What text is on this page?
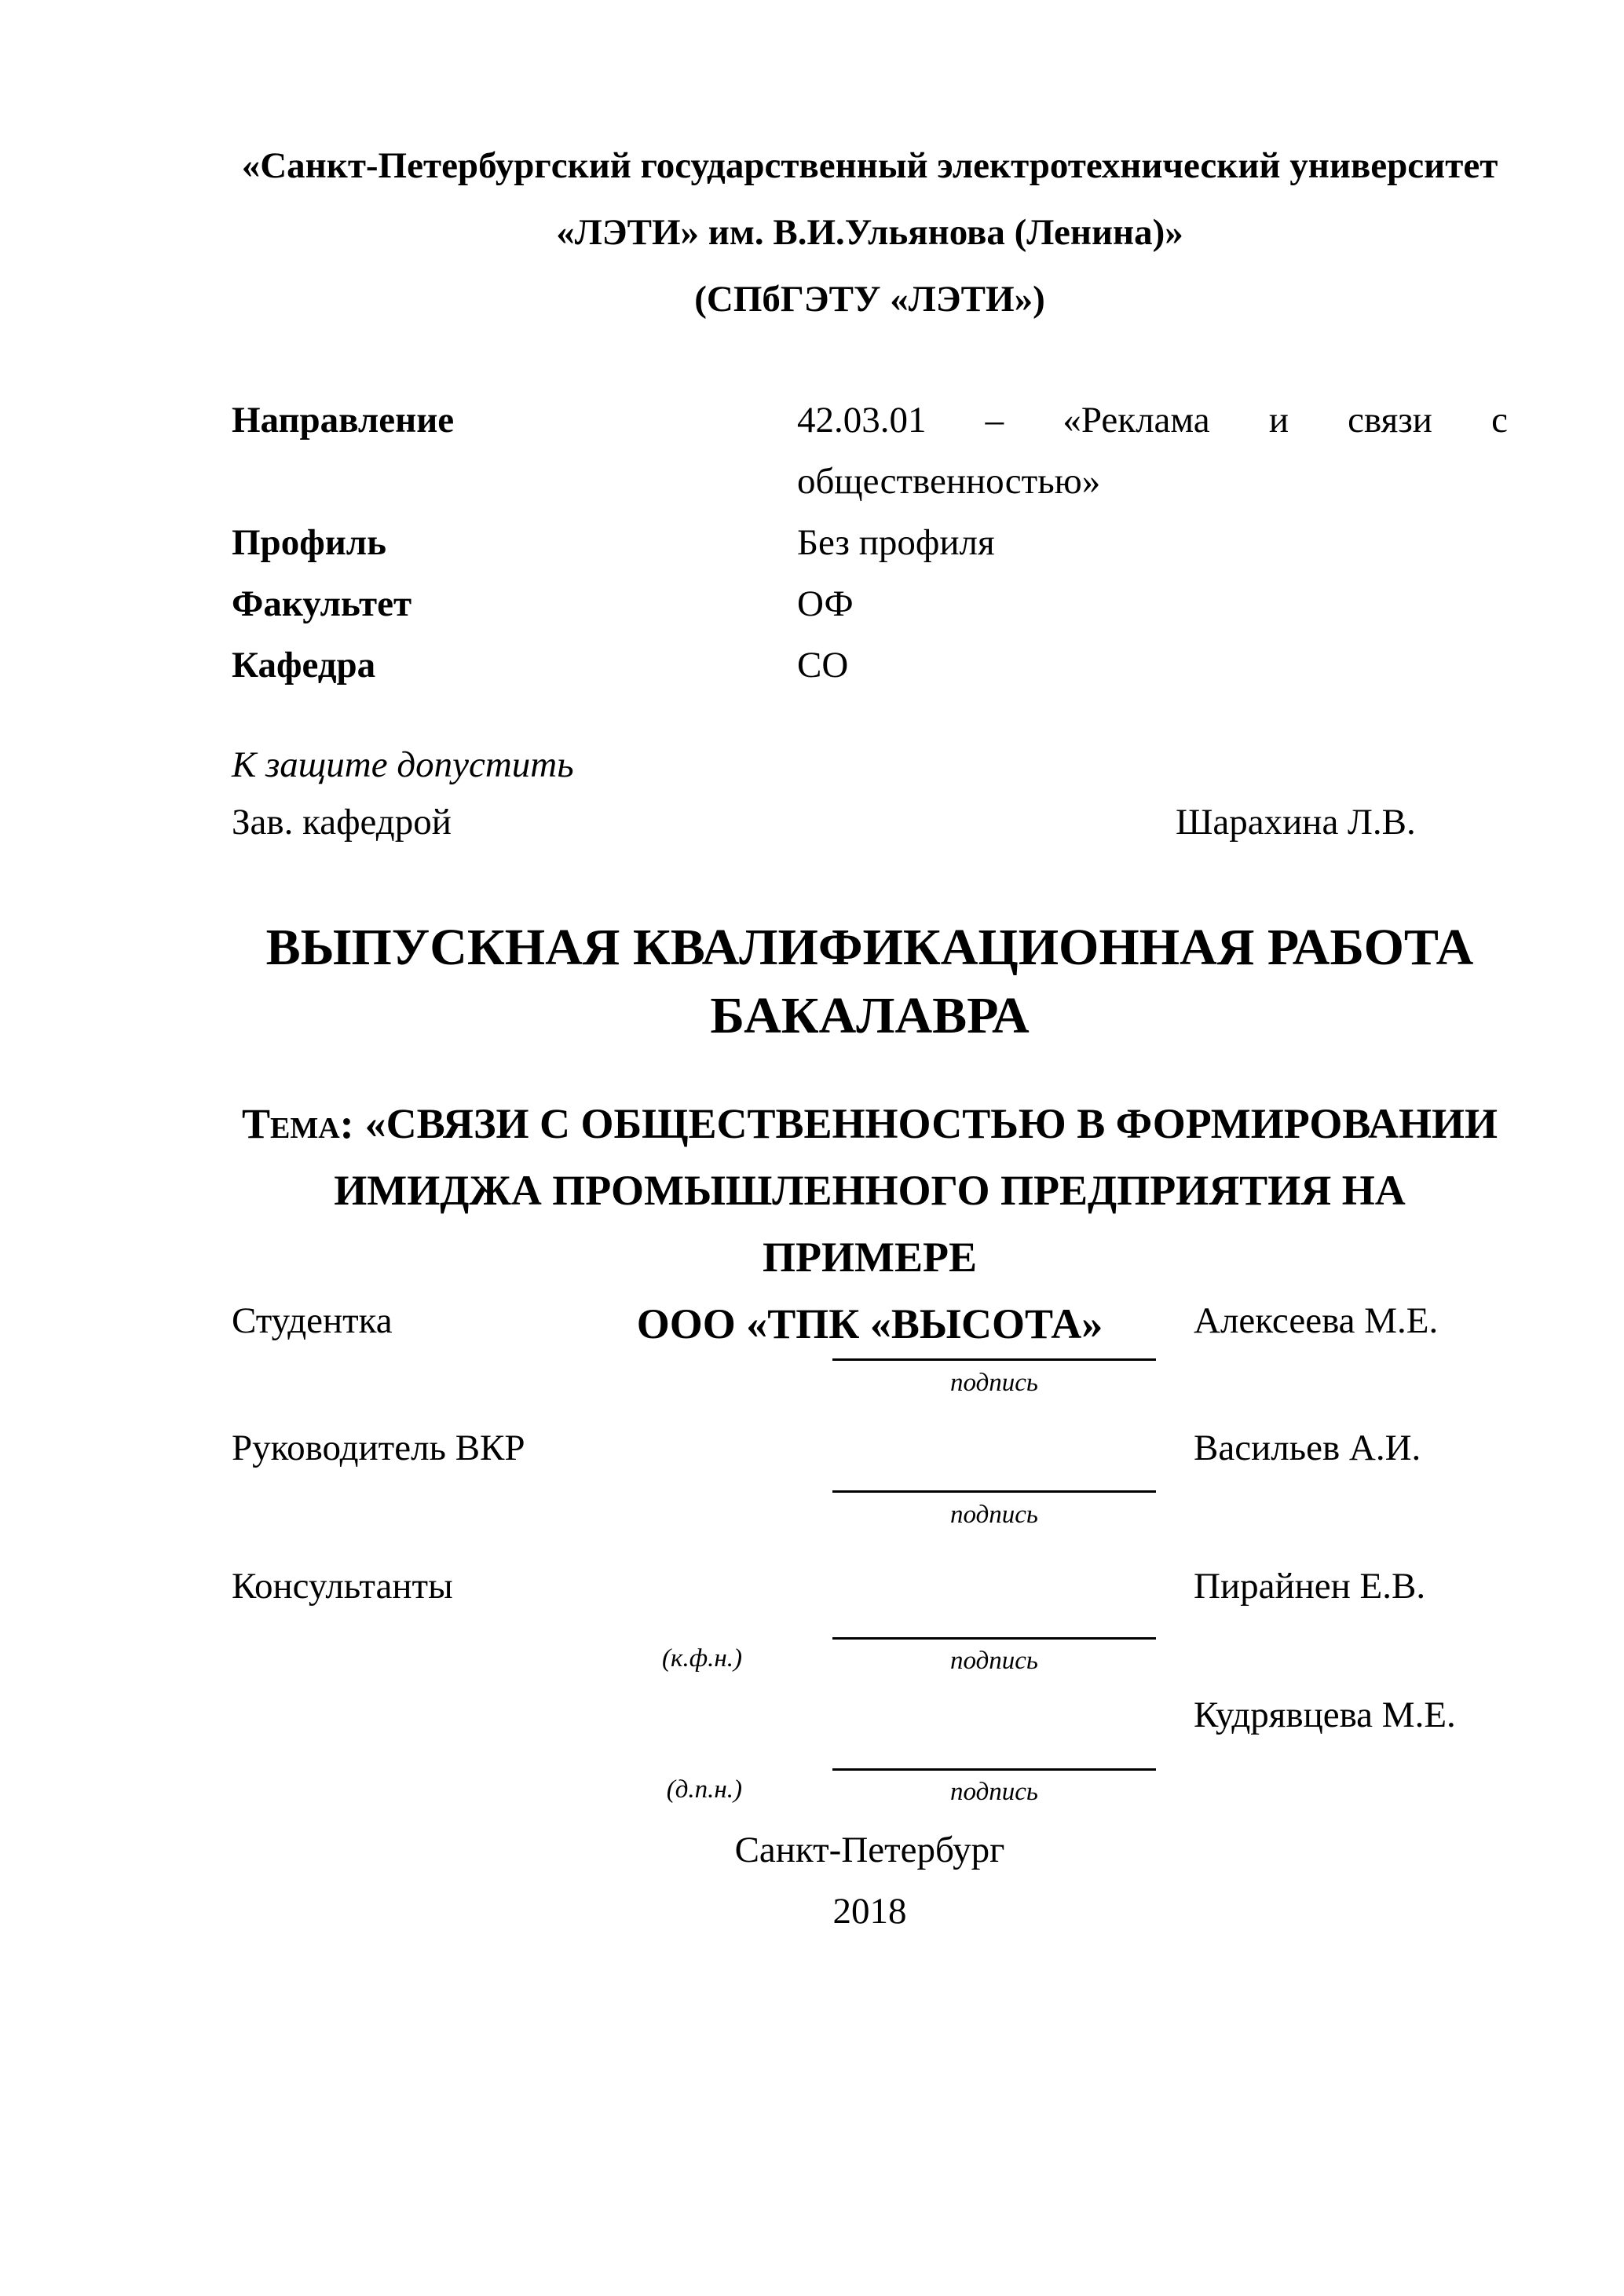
«Санкт-Петербургский государственный электротехнический университет
«ЛЭТИ» им. В.И.Ульянова (Ленина)»
(СПбГЭТУ «ЛЭТИ»)
Направление	42.03.01 – «Реклама и связи с общественностью»
Профиль	Без профиля
Факультет	ОФ
Кафедра	СО
К защите допустить
Зав. кафедрой	Шарахина Л.В.
ВЫПУСКНАЯ КВАЛИФИКАЦИОННАЯ РАБОТА
БАКАЛАВРА
Тема: «СВЯЗИ С ОБЩЕСТВЕННОСТЬЮ В ФОРМИРОВАНИИ
ИМИДЖА ПРОМЫШЛЕННОГО ПРЕДПРИЯТИЯ НА ПРИМЕРЕ
ООО «ТПК «ВЫСОТА»
Студентка	Алексеева М.Е.
подпись
Руководитель ВКР	Васильев А.И.
подпись
Консультанты	Пирайнен Е.В.
(к.ф.н.)	подпись
Кудрявцева М.Е.
(д.п.н.)	подпись
Санкт-Петербург
2018
